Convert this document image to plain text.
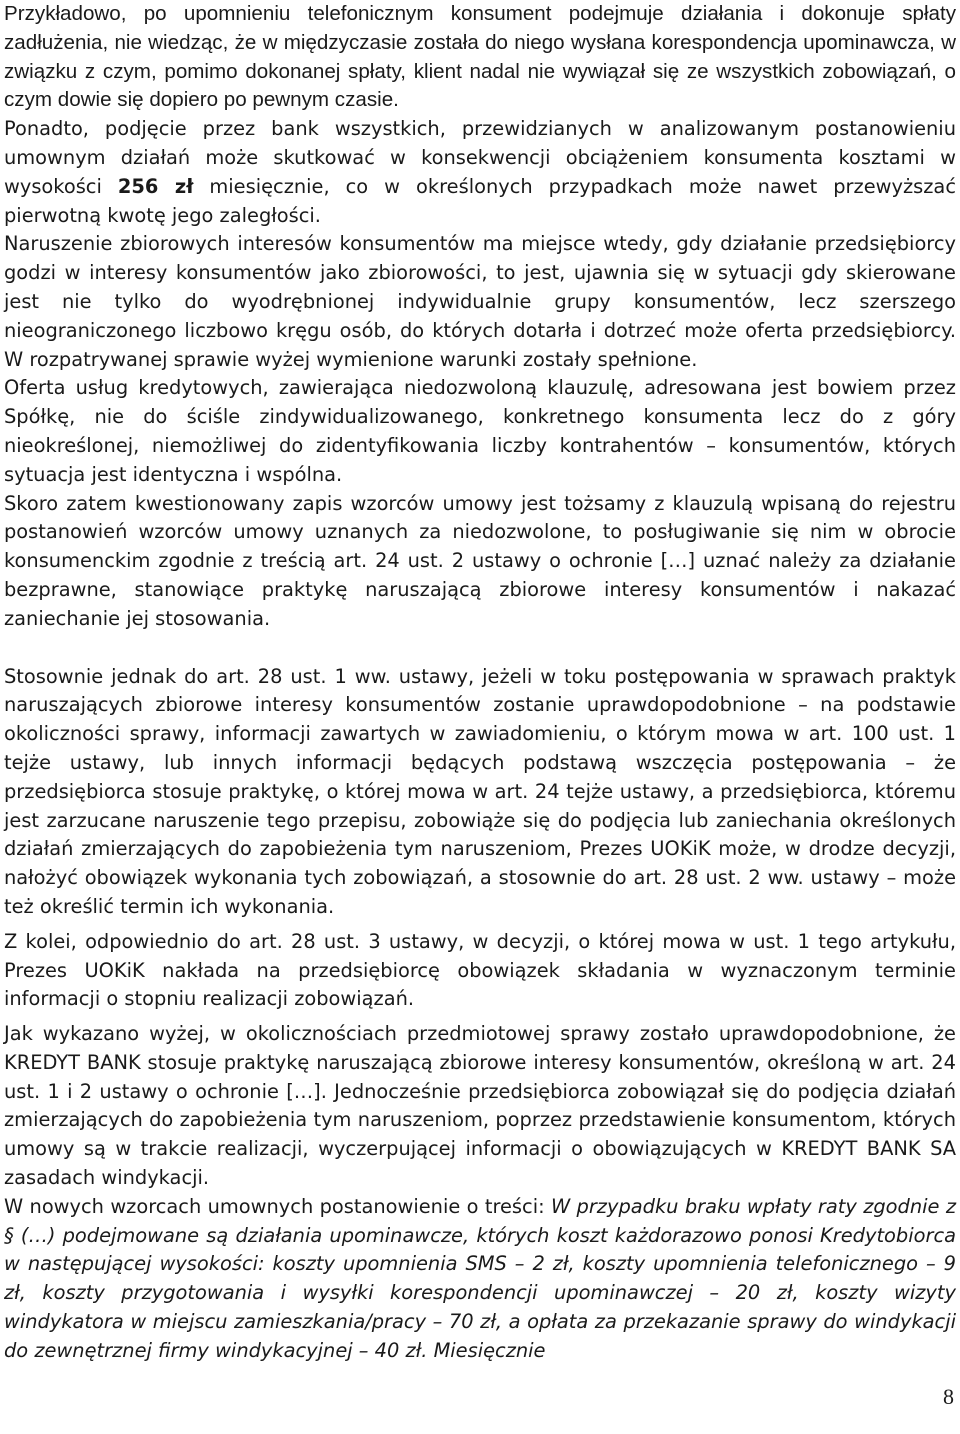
Przykładowo, po upomnieniu telefonicznym konsument podejmuje działania i dokonuje spłaty zadłużenia, nie wiedząc, że w międzyczasie została do niego wysłana korespondencja upominawcza, w związku z czym, pomimo dokonanej spłaty, klient nadal nie wywiązał się ze wszystkich zobowiązań, o czym dowie się dopiero po pewnym czasie.

Ponadto, podjęcie przez bank wszystkich, przewidzianych w analizowanym postanowieniu umownym działań może skutkować w konsekwencji obciążeniem konsumenta kosztami w wysokości 256 zł miesięcznie, co w określonych przypadkach może nawet przewyższać pierwotną kwotę jego zaległości.

Naruszenie zbiorowych interesów konsumentów ma miejsce wtedy, gdy działanie przedsiębiorcy godzi w interesy konsumentów jako zbiorowości, to jest, ujawnia się w sytuacji gdy skierowane jest nie tylko do wyodrębnionej indywidualnie grupy konsumentów, lecz szerszego nieograniczonego liczbowo kręgu osób, do których dotarła i dotrzeć może oferta przedsiębiorcy. W rozpatrywanej sprawie wyżej wymienione warunki zostały spełnione.

Oferta usług kredytowych, zawierająca niedozwoloną klauzulę, adresowana jest bowiem przez Spółkę, nie do ściśle zindywidualizowanego, konkretnego konsumenta lecz do z góry nieokreślonej, niemożliwej do zidentyfikowania liczby kontrahentów – konsumentów, których sytuacja jest identyczna i wspólna.

Skoro zatem kwestionowany zapis wzorców umowy jest tożsamy z klauzulą wpisaną do rejestru postanowień wzorców umowy uznanych za niedozwolone, to posługiwanie się nim w obrocie konsumenckim zgodnie z treścią art. 24 ust. 2 ustawy o ochronie […] uznać należy za działanie bezprawne, stanowiące praktykę naruszającą zbiorowe interesy konsumentów i nakazać zaniechanie jej stosowania.

Stosownie jednak do art. 28 ust. 1 ww. ustawy, jeżeli w toku postępowania w sprawach praktyk naruszających zbiorowe interesy konsumentów zostanie uprawdopodobnione – na podstawie okoliczności sprawy, informacji zawartych w zawiadomieniu, o którym mowa w art. 100 ust. 1 tejże ustawy, lub innych informacji będących podstawą wszczęcia postępowania – że przedsiębiorca stosuje praktykę, o której mowa w art. 24 tejże ustawy, a przedsiębiorca, któremu jest zarzucane naruszenie tego przepisu, zobowiąże się do podjęcia lub zaniechania określonych działań zmierzających do zapobieżenia tym naruszeniom, Prezes UOKiK może, w drodze decyzji, nałożyć obowiązek wykonania tych zobowiązań, a stosownie do art. 28 ust. 2 ww. ustawy – może też określić termin ich wykonania.

Z kolei, odpowiednio do art. 28 ust. 3 ustawy, w decyzji, o której mowa w ust. 1 tego artykułu, Prezes UOKiK nakłada na przedsiębiorcę obowiązek składania w wyznaczonym terminie informacji o stopniu realizacji zobowiązań.

Jak wykazano wyżej, w okolicznościach przedmiotowej sprawy zostało uprawdopodobnione, że KREDYT BANK stosuje praktykę naruszającą zbiorowe interesy konsumentów, określoną w art. 24 ust. 1 i 2 ustawy o ochronie […]. Jednocześnie przedsiębiorca zobowiązał się do podjęcia działań zmierzających do zapobieżenia tym naruszeniom, poprzez przedstawienie konsumentom, których umowy są w trakcie realizacji, wyczerpującej informacji o obowiązujących w KREDYT BANK SA zasadach windykacji.

W nowych wzorcach umownych postanowienie o treści: W przypadku braku wpłaty raty zgodnie z § (…) podejmowane są działania upominawcze, których koszt każdorazowo ponosi Kredytobiorca w następującej wysokości: koszty upomnienia SMS – 2 zł, koszty upomnienia telefonicznego – 9 zł, koszty przygotowania i wysyłki korespondencji upominawczej – 20 zł, koszty wizyty windykatora w miejscu zamieszkania/pracy – 70 zł, a opłata za przekazanie sprawy do windykacji do zewnętrznej firmy windykacyjnej – 40 zł. Miesięcznie

8
